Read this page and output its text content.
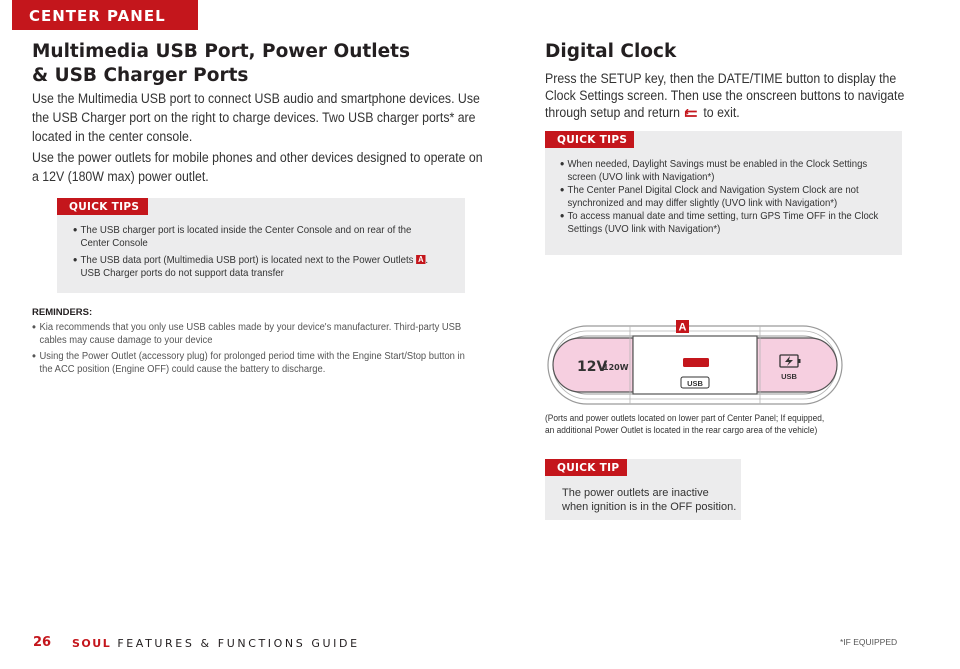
CENTER PANEL
Multimedia USB Port, Power Outlets
& USB Charger Ports

Use the Multimedia USB port to connect USB audio and smartphone devices. Use the USB Charger port on the right to charge devices. Two USB charger ports* are located in the center console.

Use the power outlets for mobile phones and other devices designed to operate on a 12V (180W max) power outlet.

QUICK TIPS
• The USB charger port is located inside the Center Console and on rear of the Center Console
• The USB data port (Multimedia USB port) is located next to the Power Outlets A . USB Charger ports do not support data transfer
REMINDERS:
• Kia recommends that you only use USB cables made by your device's manufacturer. Third-party USB cables may cause damage to your device
• Using the Power Outlet (accessory plug) for prolonged period time with the Engine Start/Stop button in the ACC position (Engine OFF) could cause the battery to discharge.
Digital Clock

Press the SETUP key, then the DATE/TIME button to display the Clock Settings screen. Then use the onscreen buttons to navigate through setup and return to exit.

QUICK TIPS
• When needed, Daylight Savings must be enabled in the Clock Settings screen (UVO link with Navigation*)
• The Center Panel Digital Clock and Navigation System Clock are not synchronized and may differ slightly (UVO link with Navigation*)
• To access manual date and time setting, turn GPS Time OFF in the Clock Settings (UVO link with Navigation*)
A
12V
120W
USB
USB

(Ports and power outlets located on lower part of Center Panel; If equipped, an additional Power Outlet is located in the rear cargo area of the vehicle)

QUICK TIP

The power outlets are inactive when ignition is in the OFF position.

26 SOUL FEATURES & FUNCTIONS GUIDE	*IF EQUIPPED
